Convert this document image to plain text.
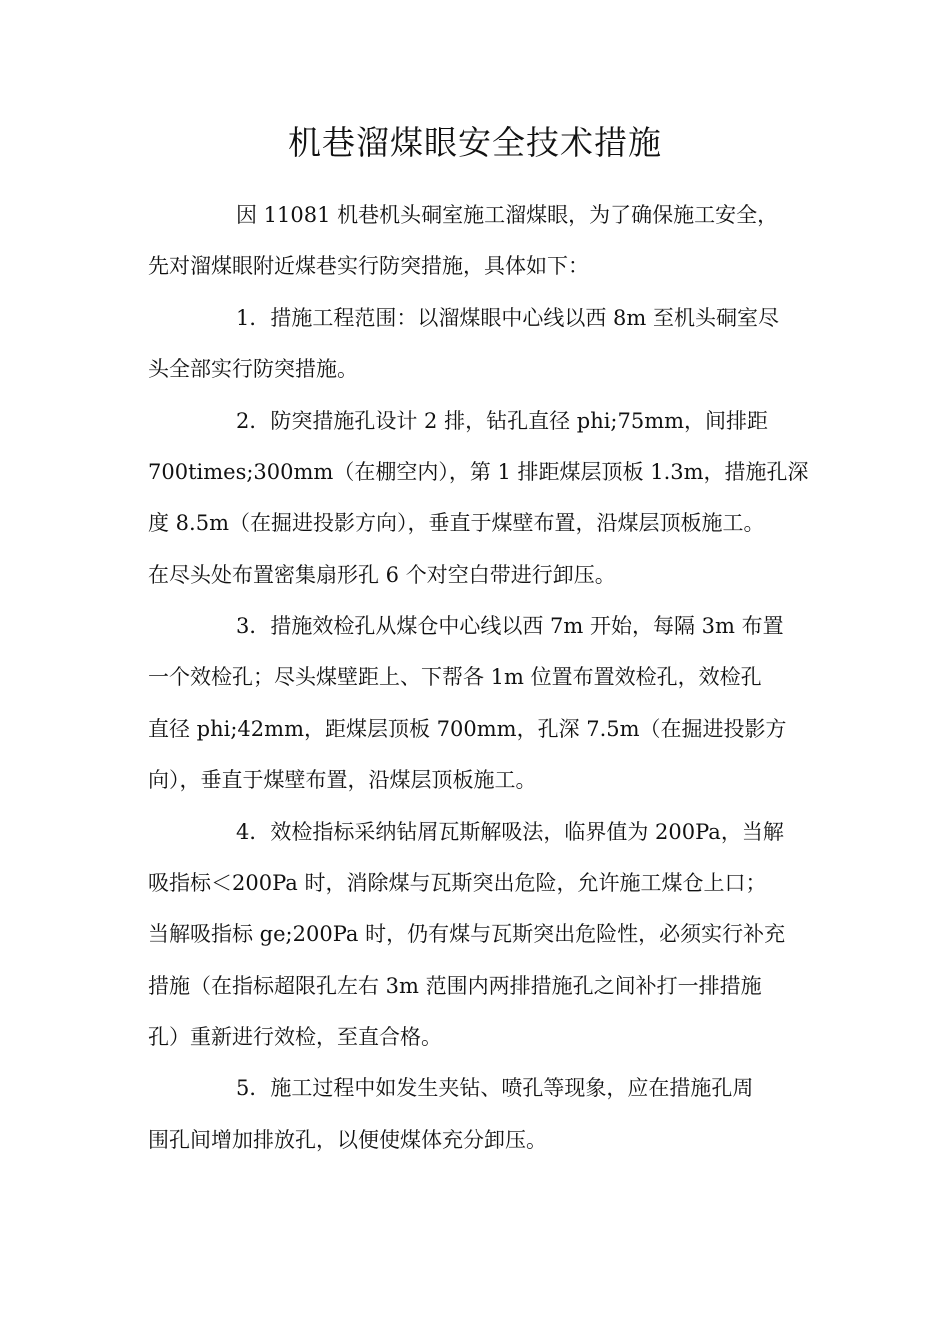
机巷溜煤眼安全技术措施
因 11081 机巷机头硐室施工溜煤眼，为了确保施工安全，
先对溜煤眼附近煤巷实行防突措施，具体如下：
1．措施工程范围：以溜煤眼中心线以西 8m 至机头硐室尽
头全部实行防突措施。
2．防突措施孔设计 2 排，钻孔直径 phi;75mm，间排距
700times;300mm（在棚空内），第 1 排距煤层顶板 1.3m，措施孔深
度 8.5m（在掘进投影方向），垂直于煤壁布置，沿煤层顶板施工。
在尽头处布置密集扇形孔 6 个对空白带进行卸压。
3．措施效检孔从煤仓中心线以西 7m 开始，每隔 3m 布置
一个效检孔；尽头煤壁距上、下帮各 1m 位置布置效检孔，效检孔
直径 phi;42mm，距煤层顶板 700mm，孔深 7.5m（在掘进投影方
向），垂直于煤壁布置，沿煤层顶板施工。
4．效检指标采纳钻屑瓦斯解吸法，临界值为 200Pa，当解
吸指标＜200Pa 时，消除煤与瓦斯突出危险，允许施工煤仓上口；
当解吸指标 ge;200Pa 时，仍有煤与瓦斯突出危险性，必须实行补充
措施（在指标超限孔左右 3m 范围内两排措施孔之间补打一排措施
孔）重新进行效检，至直合格。
5．施工过程中如发生夹钻、喷孔等现象，应在措施孔周
围孔间增加排放孔，以便使煤体充分卸压。
